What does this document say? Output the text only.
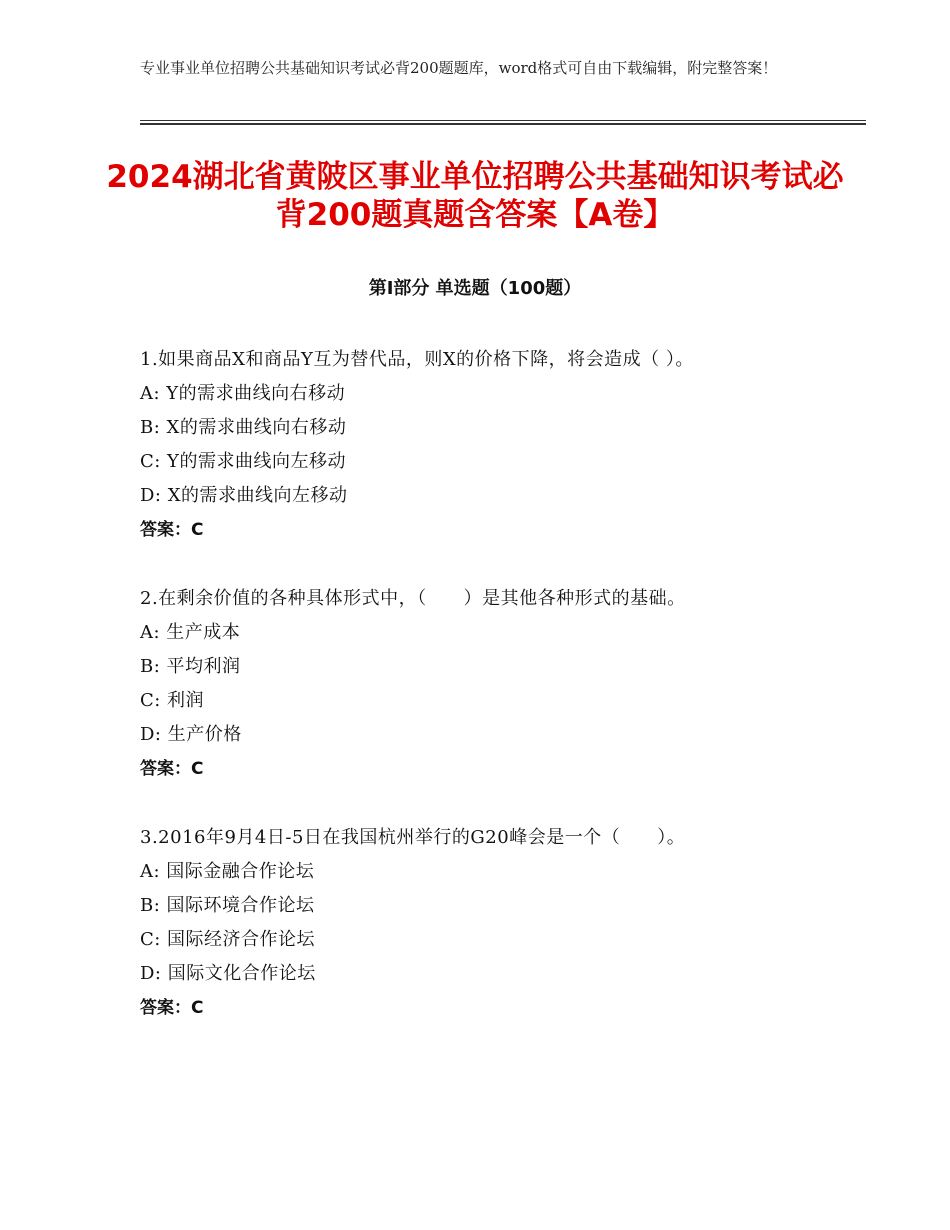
专业事业单位招聘公共基础知识考试必背200题题库，word格式可自由下载编辑，附完整答案！
2024湖北省黄陂区事业单位招聘公共基础知识考试必背200题真题含答案【A卷】
第Ⅰ部分 单选题（100题）
1.如果商品X和商品Y互为替代品，则X的价格下降，将会造成（ ）。
A: Y的需求曲线向右移动
B: X的需求曲线向右移动
C: Y的需求曲线向左移动
D: X的需求曲线向左移动
答案：C
2.在剩余价值的各种具体形式中，（　　）是其他各种形式的基础。
A: 生产成本
B: 平均利润
C: 利润
D: 生产价格
答案：C
3.2016年9月4日-5日在我国杭州举行的G20峰会是一个（　　）。
A: 国际金融合作论坛
B: 国际环境合作论坛
C: 国际经济合作论坛
D: 国际文化合作论坛
答案：C
